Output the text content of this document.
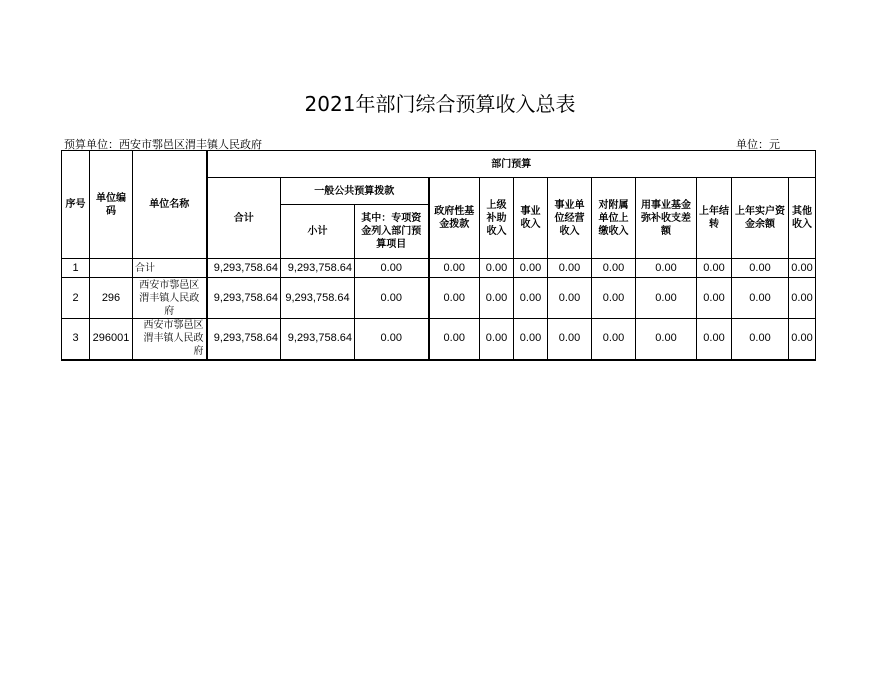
2021年部门综合预算收入总表
预算单位：西安市鄠邑区渭丰镇人民政府	单位：元
序号	单位编码	单位名称	部门预算											
			合计	一般公共预算拨款		政府性基金拨款	上级补助收入	事业收入	事业单位经营收入	对附属单位上缴收入	用事业基金弥补收支差额	上年结转	上年实户资金余额	其他收入
				小计	其中：专项资金列入部门预算项目									
1		合计	9,293,758.64	9,293,758.64	0.00	0.00	0.00	0.00	0.00	0.00	0.00	0.00	0.00	0.00
2	296	西安市鄠邑区渭丰镇人民政府	9,293,758.64	9,293,758.64	0.00	0.00	0.00	0.00	0.00	0.00	0.00	0.00	0.00	0.00
3	296001	西安市鄠邑区渭丰镇人民政府	9,293,758.64	9,293,758.64	0.00	0.00	0.00	0.00	0.00	0.00	0.00	0.00	0.00	0.00
